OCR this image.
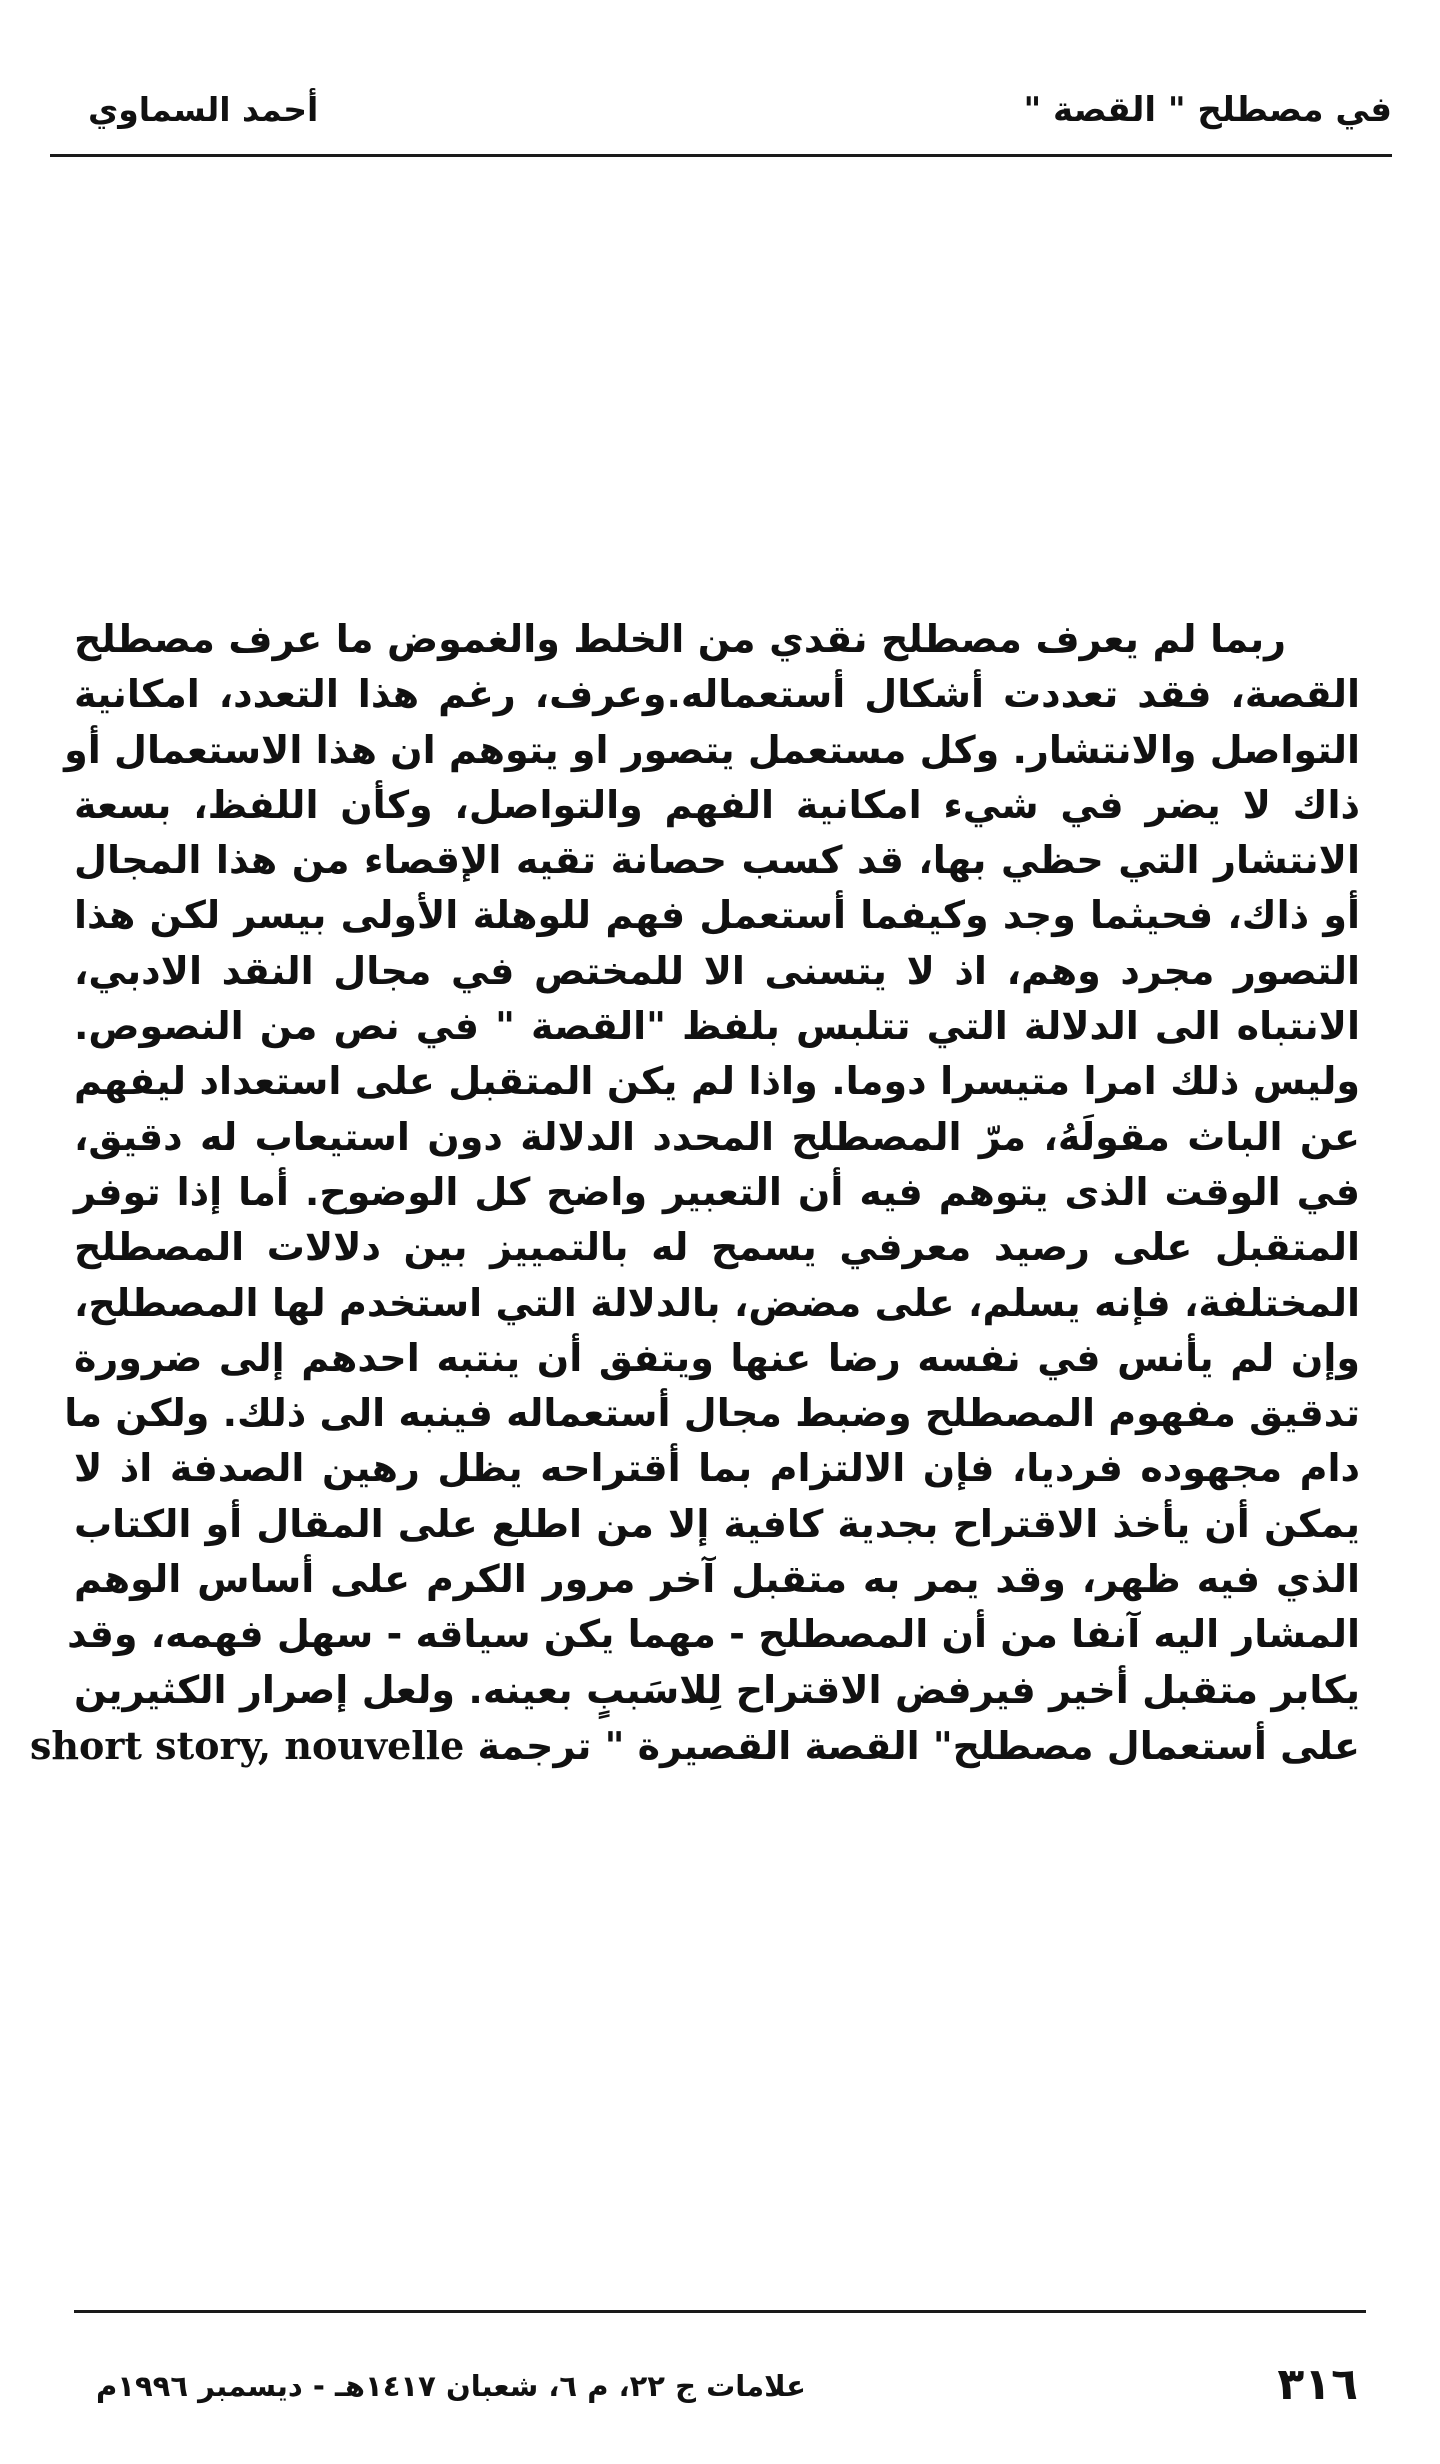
في مصطلح " القصة "
أحمد السماوي
ربما لم يعرف مصطلح نقدي من الخلط والغموض ما عرف مصطلح
القصة، فقد تعددت أشكال أستعماله.وعرف، رغم هذا التعدد، امكانية
التواصل والانتشار. وكل مستعمل يتصور او يتوهم ان هذا الاستعمال أو
ذاك لا يضر في شيء امكانية الفهم والتواصل، وكأن اللفظ، بسعة
الانتشار التي حظي بها، قد كسب حصانة تقيه الإقصاء من هذا المجال
أو ذاك، فحيثما وجد وكيفما أستعمل فهم للوهلة الأولى بيسر لكن هذا
التصور مجرد وهم، اذ لا يتسنى الا للمختص في مجال النقد الادبي،
الانتباه الى الدلالة التي تتلبس بلفظ "القصة " في نص من النصوص.
وليس ذلك امرا متيسرا دوما. واذا لم يكن المتقبل على استعداد ليفهم
عن الباث مقولَهُ، مرّ المصطلح المحدد الدلالة دون استيعاب له دقيق،
في الوقت الذى يتوهم فيه أن التعبير واضح كل الوضوح. أما إذا توفر
المتقبل على رصيد معرفي يسمح له بالتمييز بين دلالات المصطلح
المختلفة، فإنه يسلم، على مضض، بالدلالة التي استخدم لها المصطلح،
وإن لم يأنس في نفسه رضا عنها ويتفق أن ينتبه احدهم إلى ضرورة
تدقيق مفهوم المصطلح وضبط مجال أستعماله فينبه الى ذلك. ولكن ما
دام مجهوده فرديا، فإن الالتزام بما أقتراحه يظل رهين الصدفة اذ لا
يمكن أن يأخذ الاقتراح بجدية كافية إلا من اطلع على المقال أو الكتاب
الذي فيه ظهر، وقد يمر به متقبل آخر مرور الكرم على أساس الوهم
المشار اليه آنفا من أن المصطلح - مهما يكن سياقه - سهل فهمه، وقد
يكابر متقبل أخير فيرفض الاقتراح لِلاسَببٍ بعينه. ولعل إصرار الكثيرين
على أستعمال مصطلح" القصة القصيرة " ترجمة short story, nouvelle
٣١٦
علامات ج ٢٢، م ٦، شعبان ١٤١٧هـ - ديسمبر ١٩٩٦م
